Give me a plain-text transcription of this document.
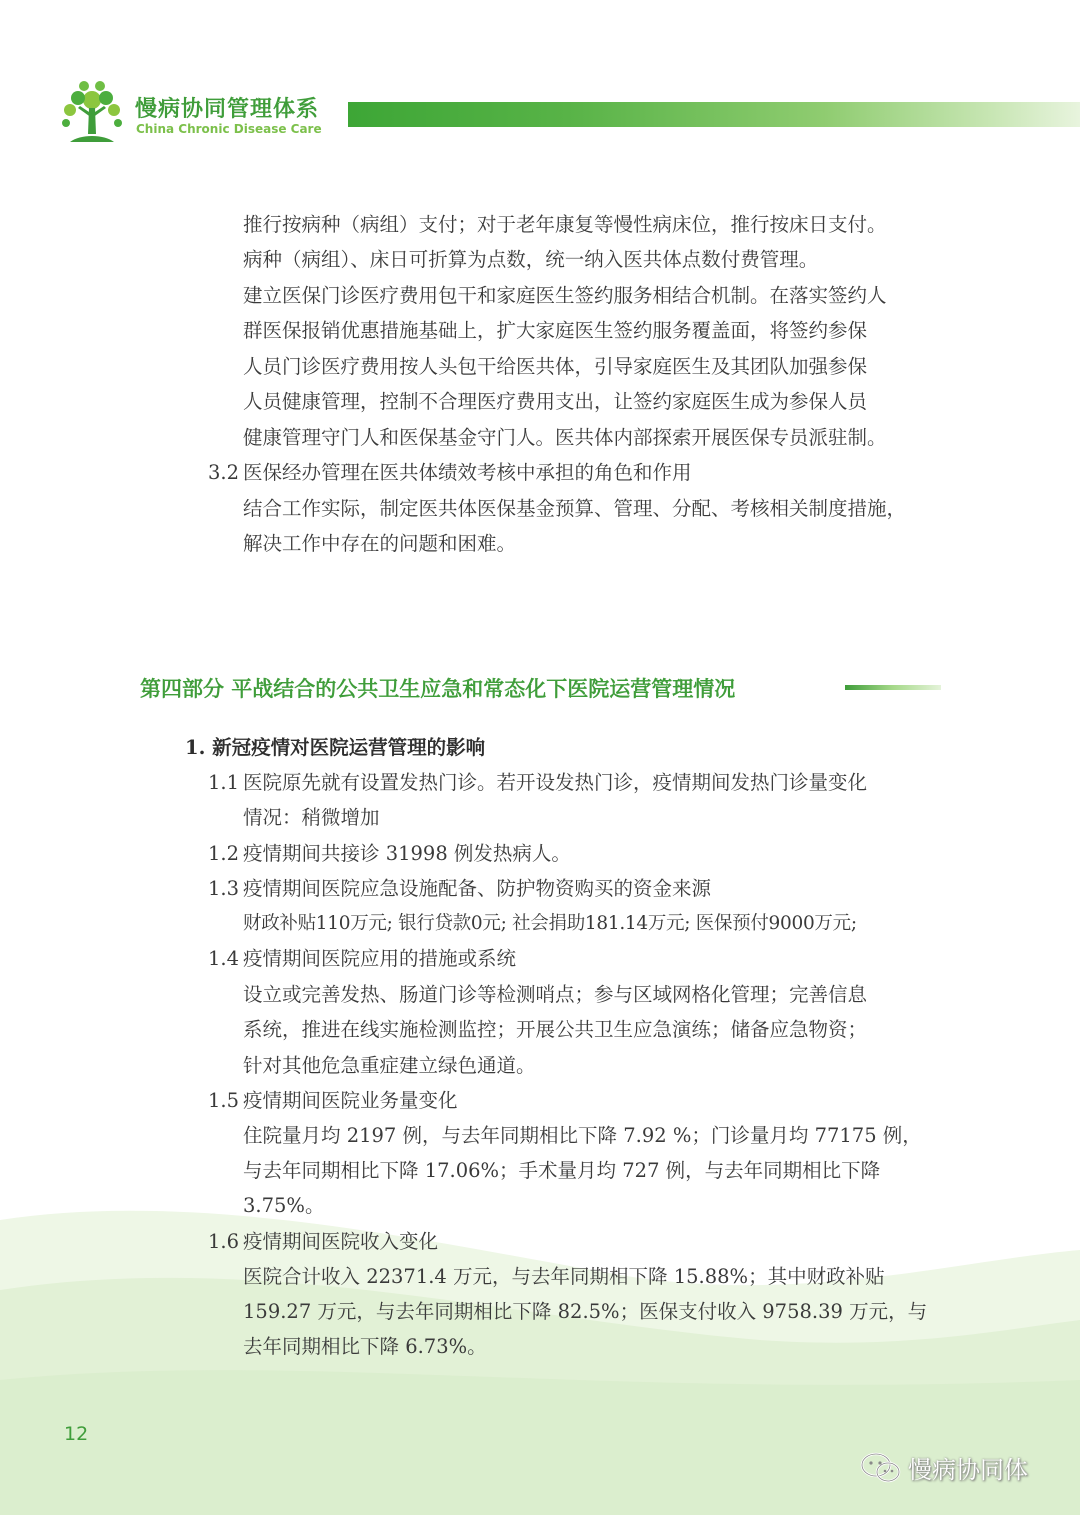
慢病协同管理体系
China Chronic Disease Care
推行按病种（病组）支付；对于老年康复等慢性病床位，推行按床日支付。
病种（病组）、床日可折算为点数，统一纳入医共体点数付费管理。
建立医保门诊医疗费用包干和家庭医生签约服务相结合机制。在落实签约人
群医保报销优惠措施基础上，扩大家庭医生签约服务覆盖面，将签约参保
人员门诊医疗费用按人头包干给医共体，引导家庭医生及其团队加强参保
人员健康管理，控制不合理医疗费用支出，让签约家庭医生成为参保人员
健康管理守门人和医保基金守门人。医共体内部探索开展医保专员派驻制。
3.2 医保经办管理在医共体绩效考核中承担的角色和作用
结合工作实际，制定医共体医保基金预算、管理、分配、考核相关制度措施，
解决工作中存在的问题和困难。
第四部分 平战结合的公共卫生应急和常态化下医院运营管理情况
1. 新冠疫情对医院运营管理的影响
1.1 医院原先就有设置发热门诊。若开设发热门诊，疫情期间发热门诊量变化
情况：稍微增加
1.2 疫情期间共接诊 31998 例发热病人。
1.3 疫情期间医院应急设施配备、防护物资购买的资金来源
财政补贴110万元; 银行贷款0元; 社会捐助181.14万元; 医保预付9000万元;
1.4 疫情期间医院应用的措施或系统
设立或完善发热、肠道门诊等检测哨点；参与区域网格化管理；完善信息
系统，推进在线实施检测监控；开展公共卫生应急演练；储备应急物资；
针对其他危急重症建立绿色通道。
1.5 疫情期间医院业务量变化
住院量月均 2197 例，与去年同期相比下降 7.92 %；门诊量月均 77175 例，
与去年同期相比下降 17.06%；手术量月均 727 例，与去年同期相比下降
3.75%。
1.6 疫情期间医院收入变化
医院合计收入 22371.4 万元，与去年同期相下降 15.88%；其中财政补贴
159.27 万元，与去年同期相比下降 82.5%；医保支付收入 9758.39 万元，与
去年同期相比下降 6.73%。
12
慢病协同体
